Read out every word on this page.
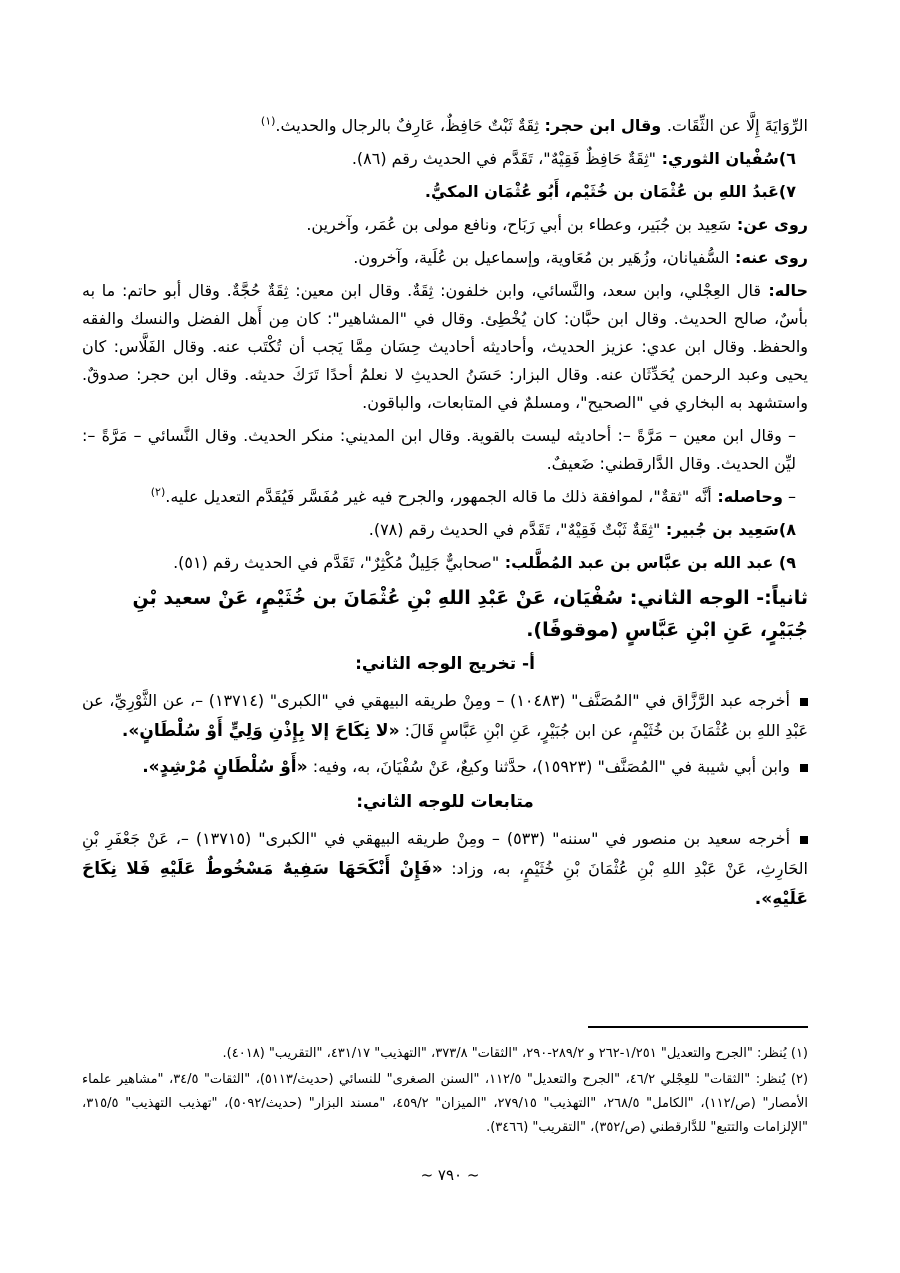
الرِّوَايَةَ إِلَّا عن الثِّقَات. وقال ابن حجر: ثِقَةٌ ثَبْتٌ حَافِظٌ، عَارِفٌ بالرجال والحديث.$^{(١)}$

٦)سُفْيان الثوري: "ثِقَةٌ حَافِظٌ فَقِيْهٌ"، تَقَدَّم في الحديث رقم (٨٦).

٧)عَبدُ اللهِ بن عُثْمَان بن خُثَيْم، أَبُو عُثْمَان المكيُّ.

روى عن: سَعِيد بن جُبَير، وعطاء بن أبي رَبَاح، ونافع مولى بن عُمَر، وآخرين.

روى عنه: السُّفيانان، وزُهَير بن مُعَاوية، وإسماعيل بن عُلَية، وآخرون.

حاله: قال العِجْلي، وابن سعد، والنَّسائي، وابن خلفون: ثِقَةٌ. وقال ابن معين: ثِقَةٌ حُجَّةٌ. وقال أبو حاتم: ما به بأسٌ، صالح الحديث. وقال ابن حبَّان: كان يُخْطِئ. وقال في "المشاهير": كان مِن أَهل الفضل والنسك والفقه والحفظ. وقال ابن عدي: عزيز الحديث، وأحاديثه أحاديث حِسَان مِمَّا يَجب أن تُكْتَب عنه. وقال الفَلَّاس: كان يحيى وعبد الرحمن يُحَدِّثَان عنه. وقال البزار: حَسَنُ الحديثِ لا نعلمُ أحدًا تَرَكَ حديثه. وقال ابن حجر: صدوقٌ. واستشهد به البخاري في "الصحيح"، ومسلمٌ في المتابعات، والباقون.

– وقال ابن معين – مَرَّةً –: أحاديثه ليست بالقوية. وقال ابن المديني: منكر الحديث. وقال النَّسائي – مَرَّةً –: ليِّن الحديث. وقال الدَّارقطني: ضَعيفٌ.

– وحاصله: أنَّه "ثقةٌ"، لموافقة ذلك ما قاله الجمهور، والجرح فيه غير مُفَسَّر فَيُقَدَّم التعديل عليه.$^{(٢)}$

٨)سَعِيد بن جُبير: "ثِقَةٌ ثَبْتٌ فَقِيْهٌ"، تَقَدَّم في الحديث رقم (٧٨).

٩) عبد الله بن عبَّاس بن عبد المُطَّلب: "صحابيٌّ جَلِيلٌ مُكْثِرٌ"، تَقَدَّم في الحديث رقم (٥١).

ثانياً:- الوجه الثاني: سُفْيَان، عَنْ عَبْدِ اللهِ بْنِ عُثْمَانَ بن خُثَيْمٍ، عَنْ سعيد بْنِ جُبَيْرٍ، عَنِ ابْنِ عَبَّاسٍ (موقوفًا).

أ- تخريج الوجه الثاني:

أخرجه عبد الرَّزَّاق في "المُصَنَّف" (١٠٤٨٣) – ومِنْ طريقه البيهقي في "الكبرى" (١٣٧١٤) –، عن الثَّوْرِيِّ، عن عَبْدِ اللهِ بن عُثْمَانَ بن خُثَيْمٍ، عن ابن جُبَيْرٍ، عَنِ ابْنِ عَبَّاسٍ قَالَ: «لا نِكَاحَ إلا بِإِذْنِ وَلِيٍّ أَوْ سُلْطَانٍ».

وابن أبي شيبة في "المُصَنَّف" (١٥٩٢٣)، حدَّثنا وكيعٌ، عَنْ سُفْيَانَ، به، وفيه: «أَوْ سُلْطَانٍ مُرْشِدٍ».

متابعات للوجه الثاني:

أخرجه سعيد بن منصور في "سننه" (٥٣٣) – ومِنْ طريقه البيهقي في "الكبرى" (١٣٧١٥) –، عَنْ جَعْفَرِ بْنِ الحَارِثِ، عَنْ عَبْدِ اللهِ بْنِ عُثْمَانَ بْنِ خُثَيْمٍ، به، وزاد: «فَإِنْ أَنْكَحَهَا سَفِيهٌ مَسْخُوطٌ عَلَيْهِ فَلا نِكَاحَ عَلَيْهِ».

(١) يُنظر: "الجرح والتعديل" ١/٢٥١-٢٦٢ و ٢٨٩/٢-٢٩٠، "الثقات" ٣٧٣/٨، "التهذيب" ٤٣١/١٧، "التقريب" (٤٠١٨).

(٢) يُنظر: "الثقات" للعِجْلي ٤٦/٢، "الجرح والتعديل" ١١٢/٥، "السنن الصغرى" للنسائي (حديث/٥١١٣)، "الثقات" ٣٤/٥، "مشاهير علماء الأمصار" (ص/١١٢)، "الكامل" ٢٦٨/٥، "التهذيب" ٢٧٩/١٥، "الميزان" ٤٥٩/٢، "مسند البزار" (حديث/٥٠٩٢)، "تهذيب التهذيب" ٣١٥/٥، "الإلزامات والتتبع" للدَّارقطني (ص/٣٥٢)، "التقريب" (٣٤٦٦).

~ ٧٩٠ ~
